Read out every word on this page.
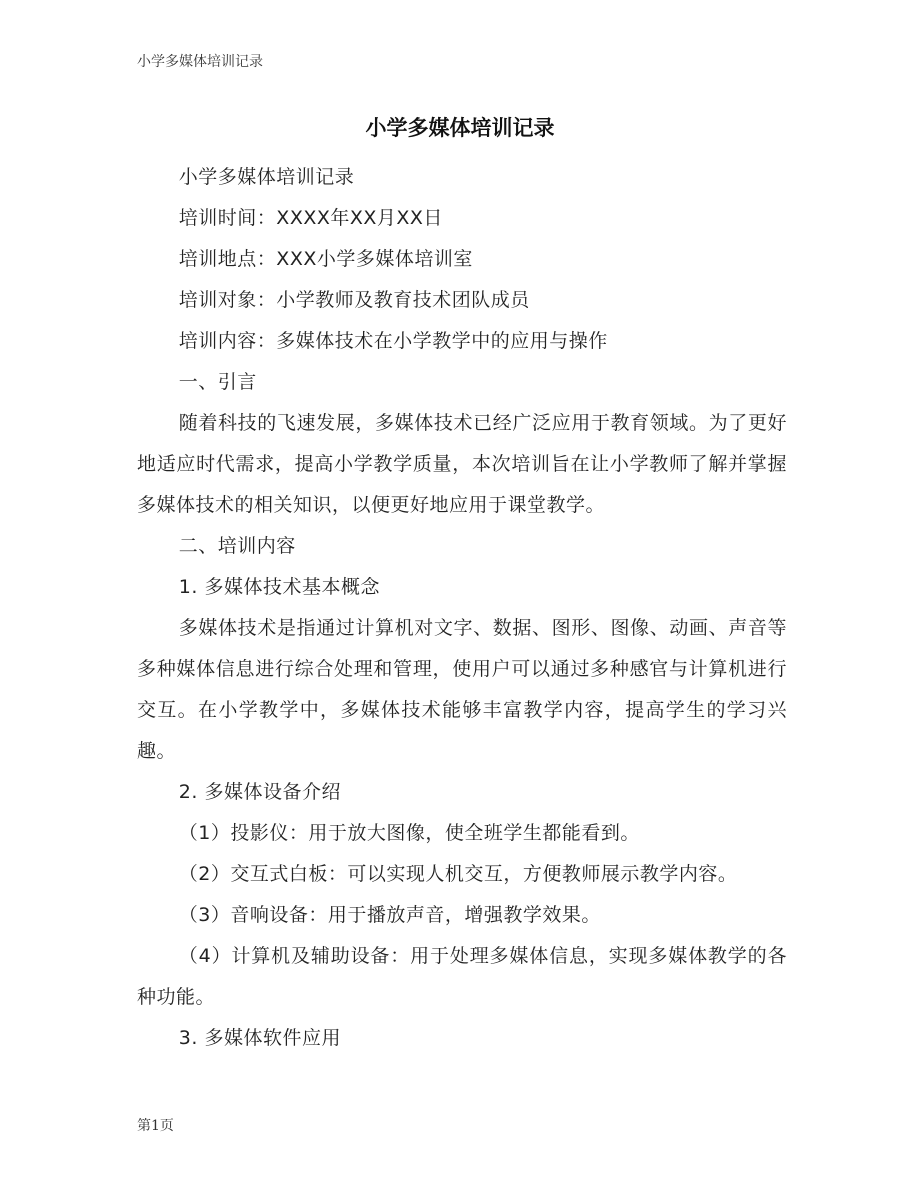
小学多媒体培训记录
小学多媒体培训记录

小学多媒体培训记录

培训时间：XXXX年XX月XX日

培训地点：XXX小学多媒体培训室

培训对象：小学教师及教育技术团队成员

培训内容：多媒体技术在小学教学中的应用与操作

一、引言

随着科技的飞速发展，多媒体技术已经广泛应用于教育领域。为了更好地适应时代需求，提高小学教学质量，本次培训旨在让小学教师了解并掌握多媒体技术的相关知识，以便更好地应用于课堂教学。

二、培训内容

1. 多媒体技术基本概念

多媒体技术是指通过计算机对文字、数据、图形、图像、动画、声音等多种媒体信息进行综合处理和管理，使用户可以通过多种感官与计算机进行交互。在小学教学中，多媒体技术能够丰富教学内容，提高学生的学习兴趣。

2. 多媒体设备介绍

（1）投影仪：用于放大图像，使全班学生都能看到。

（2）交互式白板：可以实现人机交互，方便教师展示教学内容。

（3）音响设备：用于播放声音，增强教学效果。

（4）计算机及辅助设备：用于处理多媒体信息，实现多媒体教学的各种功能。

3. 多媒体软件应用

第1页
